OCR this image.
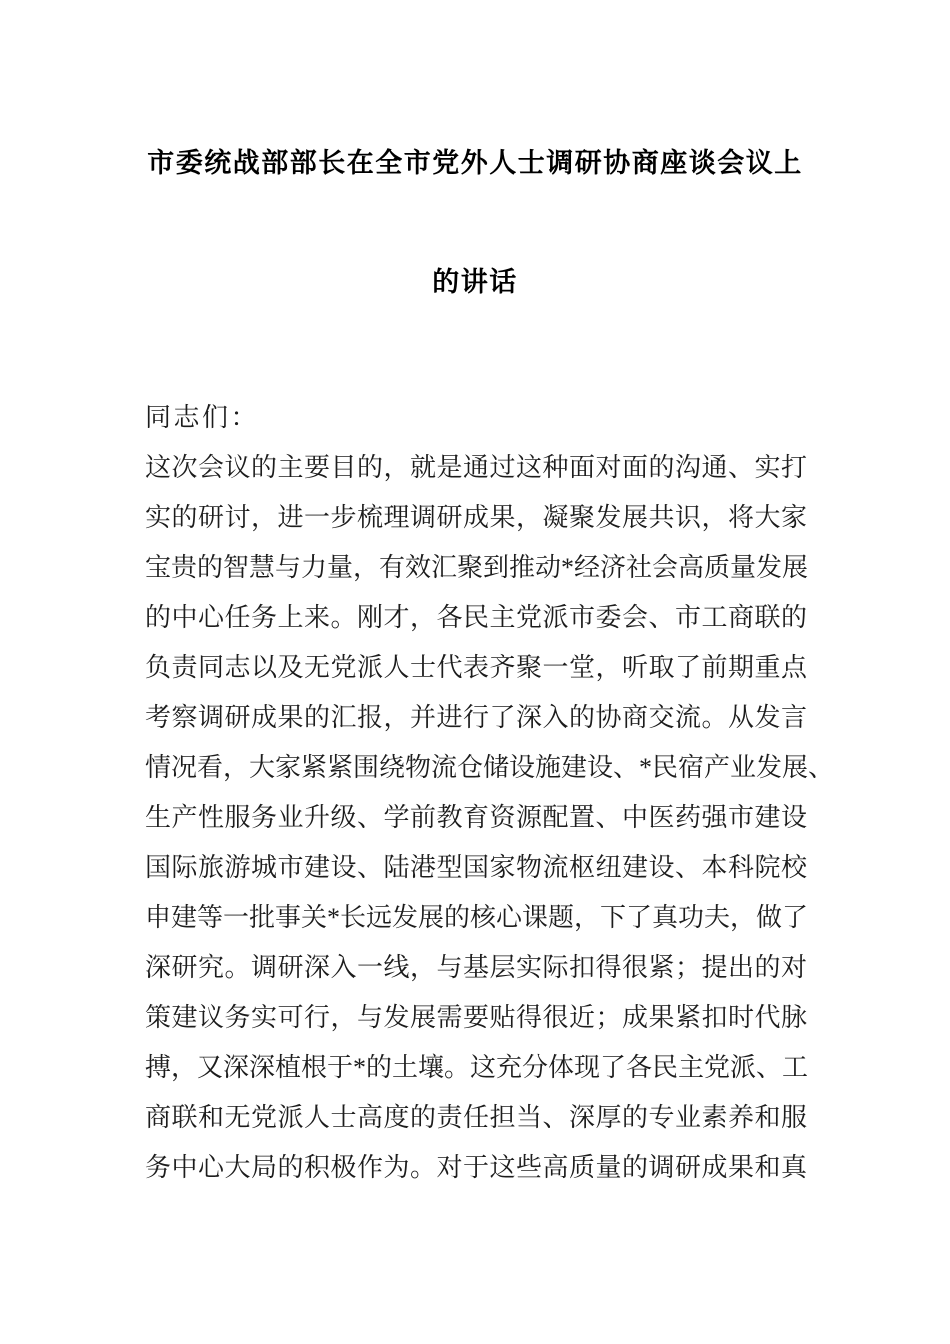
市委统战部部长在全市党外人士调研协商座谈会议上
的讲话
同志们：
这次会议的主要目的，就是通过这种面对面的沟通、实打
实的研讨，进一步梳理调研成果，凝聚发展共识，将大家
宝贵的智慧与力量，有效汇聚到推动*经济社会高质量发展
的中心任务上来。刚才，各民主党派市委会、市工商联的
负责同志以及无党派人士代表齐聚一堂，听取了前期重点
考察调研成果的汇报，并进行了深入的协商交流。从发言
情况看，大家紧紧围绕物流仓储设施建设、*民宿产业发展、
生产性服务业升级、学前教育资源配置、中医药强市建设
国际旅游城市建设、陆港型国家物流枢纽建设、本科院校
申建等一批事关*长远发展的核心课题，下了真功夫，做了
深研究。调研深入一线，与基层实际扣得很紧；提出的对
策建议务实可行，与发展需要贴得很近；成果紧扣时代脉
搏，又深深植根于*的土壤。这充分体现了各民主党派、工
商联和无党派人士高度的责任担当、深厚的专业素养和服
务中心大局的积极作为。对于这些高质量的调研成果和真
